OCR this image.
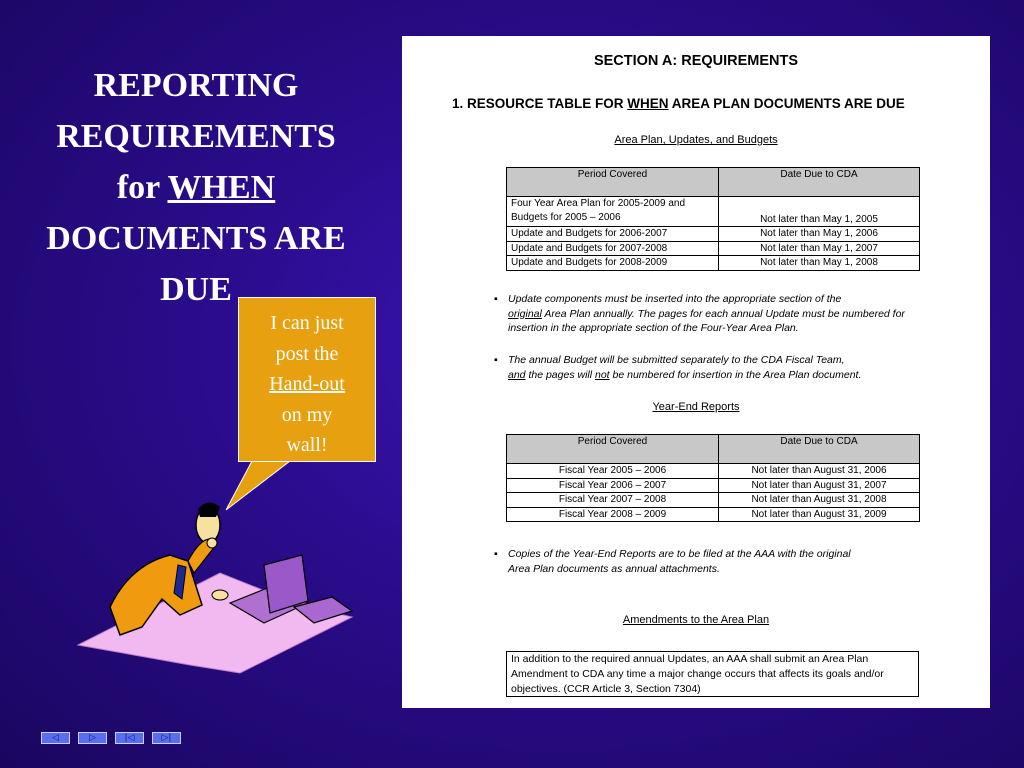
REPORTING
REQUIREMENTS
for WHEN
DOCUMENTS ARE
DUE
I can just
post the
Hand-out
on my
wall!
SECTION A: REQUIREMENTS
1. RESOURCE TABLE FOR WHEN AREA PLAN DOCUMENTS ARE DUE
Area Plan, Updates, and Budgets
Period Covered	Date Due to CDA
Four Year Area Plan for 2005-2009 and Budgets for 2005 – 2006	Not later than May 1, 2005
Update and Budgets for 2006-2007	Not later than May 1, 2006
Update and Budgets for 2007-2008	Not later than May 1, 2007
Update and Budgets for 2008-2009	Not later than May 1, 2008
▪ Update components must be inserted into the appropriate section of the
original Area Plan annually. The pages for each annual Update must be numbered for
insertion in the appropriate section of the Four-Year Area Plan.
▪ The annual Budget will be submitted separately to the CDA Fiscal Team,
and the pages will not be numbered for insertion in the Area Plan document.
Year-End Reports
Period Covered	Date Due to CDA
Fiscal Year 2005 – 2006	Not later than August 31, 2006
Fiscal Year 2006 – 2007	Not later than August 31, 2007
Fiscal Year 2007 – 2008	Not later than August 31, 2008
Fiscal Year 2008 – 2009	Not later than August 31, 2009
▪ Copies of the Year-End Reports are to be filed at the AAA with the original
Area Plan documents as annual attachments.
Amendments to the Area Plan
In addition to the required annual Updates, an AAA shall submit an Area Plan
Amendment to CDA any time a major change occurs that affects its goals and/or
objectives. (CCR Article 3, Section 7304)
◁	▷	|◁	▷|
